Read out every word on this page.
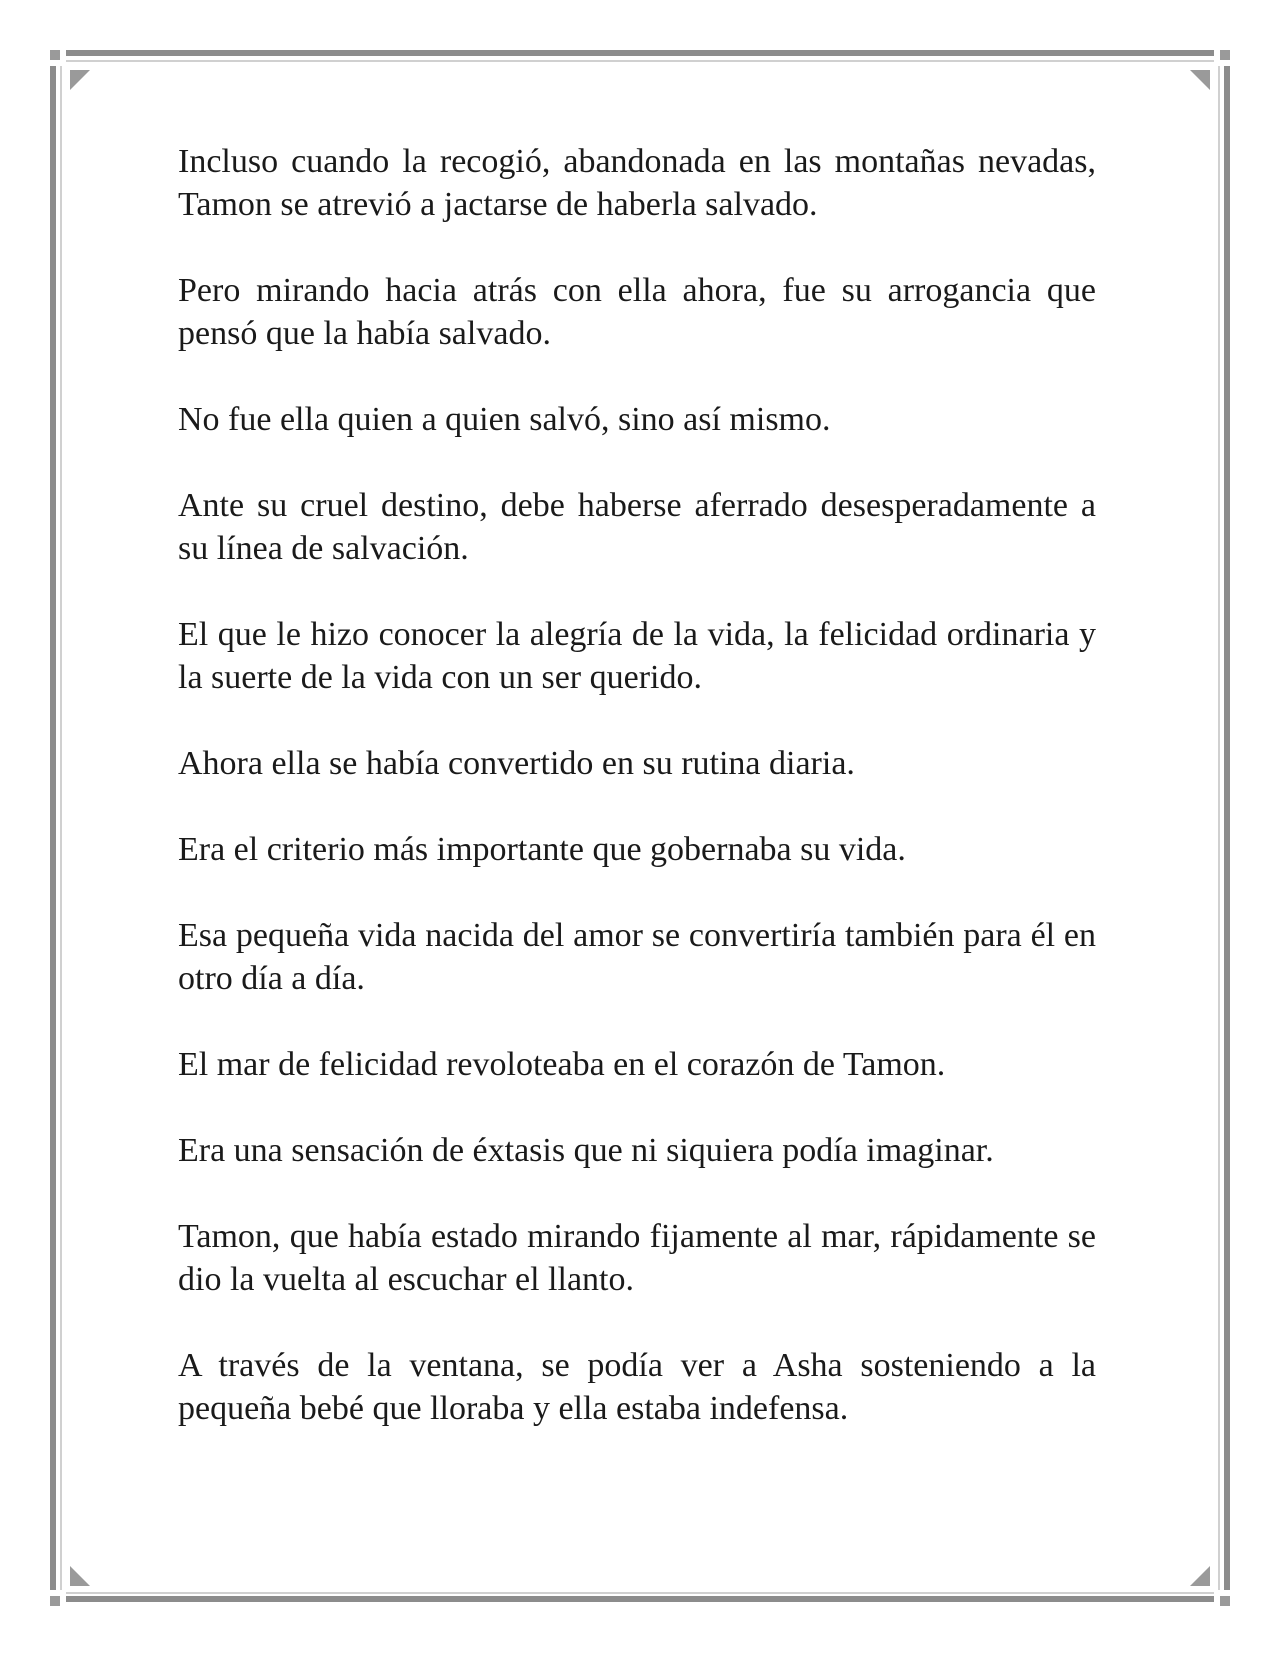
Incluso cuando la recogió, abandonada en las montañas nevadas, Tamon se atrevió a jactarse de haberla salvado.

Pero mirando hacia atrás con ella ahora, fue su arrogancia que pensó que la había salvado.

No fue ella quien a quien salvó, sino así mismo.

Ante su cruel destino, debe haberse aferrado desesperadamente a su línea de salvación.

El que le hizo conocer la alegría de la vida, la felicidad ordinaria y la suerte de la vida con un ser querido.

Ahora ella se había convertido en su rutina diaria.

Era el criterio más importante que gobernaba su vida.

Esa pequeña vida nacida del amor se convertiría también para él en otro día a día.

El mar de felicidad revoloteaba en el corazón de Tamon.

Era una sensación de éxtasis que ni siquiera podía imaginar.

Tamon, que había estado mirando fijamente al mar, rápidamente se dio la vuelta al escuchar el llanto.

A través de la ventana, se podía ver a Asha sosteniendo a la pequeña bebé que lloraba y ella estaba indefensa.
